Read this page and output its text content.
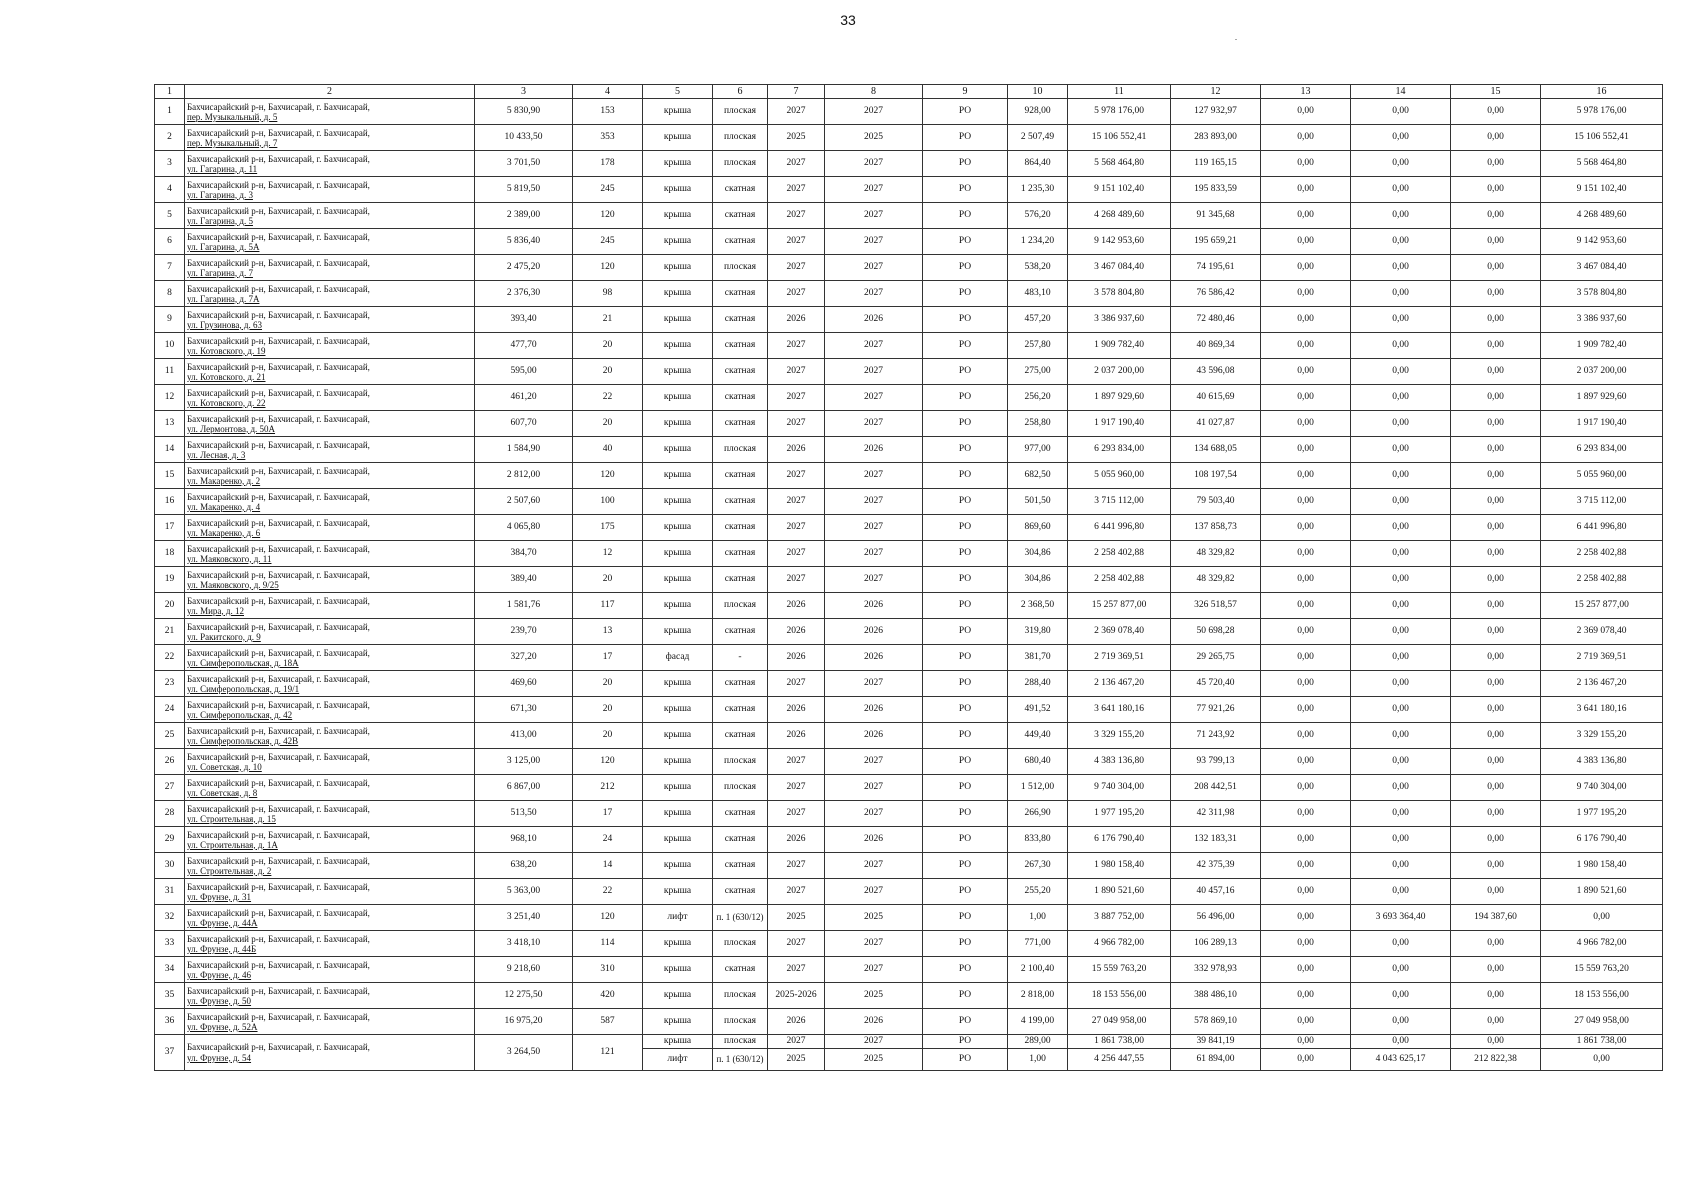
33
.
1	2	3	4	5	6	7	8	9	10	11	12	13	14	15	16
1	Бахчисарайский р-н, Бахчисарай, г. Бахчисарай,
пер. Музыкальный, д. 5	5 830,90	153	крыша	плоская	2027	2027	РО	928,00	5 978 176,00	127 932,97	0,00	0,00	0,00	5 978 176,00
2	Бахчисарайский р-н, Бахчисарай, г. Бахчисарай,
пер. Музыкальный, д. 7	10 433,50	353	крыша	плоская	2025	2025	РО	2 507,49	15 106 552,41	283 893,00	0,00	0,00	0,00	15 106 552,41
3	Бахчисарайский р-н, Бахчисарай, г. Бахчисарай,
ул. Гагарина, д. 11	3 701,50	178	крыша	плоская	2027	2027	РО	864,40	5 568 464,80	119 165,15	0,00	0,00	0,00	5 568 464,80
4	Бахчисарайский р-н, Бахчисарай, г. Бахчисарай,
ул. Гагарина, д. 3	5 819,50	245	крыша	скатная	2027	2027	РО	1 235,30	9 151 102,40	195 833,59	0,00	0,00	0,00	9 151 102,40
5	Бахчисарайский р-н, Бахчисарай, г. Бахчисарай,
ул. Гагарина, д. 5	2 389,00	120	крыша	скатная	2027	2027	РО	576,20	4 268 489,60	91 345,68	0,00	0,00	0,00	4 268 489,60
6	Бахчисарайский р-н, Бахчисарай, г. Бахчисарай,
ул. Гагарина, д. 5А	5 836,40	245	крыша	скатная	2027	2027	РО	1 234,20	9 142 953,60	195 659,21	0,00	0,00	0,00	9 142 953,60
7	Бахчисарайский р-н, Бахчисарай, г. Бахчисарай,
ул. Гагарина, д. 7	2 475,20	120	крыша	плоская	2027	2027	РО	538,20	3 467 084,40	74 195,61	0,00	0,00	0,00	3 467 084,40
8	Бахчисарайский р-н, Бахчисарай, г. Бахчисарай,
ул. Гагарина, д. 7А	2 376,30	98	крыша	скатная	2027	2027	РО	483,10	3 578 804,80	76 586,42	0,00	0,00	0,00	3 578 804,80
9	Бахчисарайский р-н, Бахчисарай, г. Бахчисарай,
ул. Грузинова, д. 63	393,40	21	крыша	скатная	2026	2026	РО	457,20	3 386 937,60	72 480,46	0,00	0,00	0,00	3 386 937,60
10	Бахчисарайский р-н, Бахчисарай, г. Бахчисарай,
ул. Котовского, д. 19	477,70	20	крыша	скатная	2027	2027	РО	257,80	1 909 782,40	40 869,34	0,00	0,00	0,00	1 909 782,40
11	Бахчисарайский р-н, Бахчисарай, г. Бахчисарай,
ул. Котовского, д. 21	595,00	20	крыша	скатная	2027	2027	РО	275,00	2 037 200,00	43 596,08	0,00	0,00	0,00	2 037 200,00
12	Бахчисарайский р-н, Бахчисарай, г. Бахчисарай,
ул. Котовского, д. 22	461,20	22	крыша	скатная	2027	2027	РО	256,20	1 897 929,60	40 615,69	0,00	0,00	0,00	1 897 929,60
13	Бахчисарайский р-н, Бахчисарай, г. Бахчисарай,
ул. Лермонтова, д. 50А	607,70	20	крыша	скатная	2027	2027	РО	258,80	1 917 190,40	41 027,87	0,00	0,00	0,00	1 917 190,40
14	Бахчисарайский р-н, Бахчисарай, г. Бахчисарай,
ул. Лесная, д. 3	1 584,90	40	крыша	плоская	2026	2026	РО	977,00	6 293 834,00	134 688,05	0,00	0,00	0,00	6 293 834,00
15	Бахчисарайский р-н, Бахчисарай, г. Бахчисарай,
ул. Макаренко, д. 2	2 812,00	120	крыша	скатная	2027	2027	РО	682,50	5 055 960,00	108 197,54	0,00	0,00	0,00	5 055 960,00
16	Бахчисарайский р-н, Бахчисарай, г. Бахчисарай,
ул. Макаренко, д. 4	2 507,60	100	крыша	скатная	2027	2027	РО	501,50	3 715 112,00	79 503,40	0,00	0,00	0,00	3 715 112,00
17	Бахчисарайский р-н, Бахчисарай, г. Бахчисарай,
ул. Макаренко, д. 6	4 065,80	175	крыша	скатная	2027	2027	РО	869,60	6 441 996,80	137 858,73	0,00	0,00	0,00	6 441 996,80
18	Бахчисарайский р-н, Бахчисарай, г. Бахчисарай,
ул. Маяковского, д. 11	384,70	12	крыша	скатная	2027	2027	РО	304,86	2 258 402,88	48 329,82	0,00	0,00	0,00	2 258 402,88
19	Бахчисарайский р-н, Бахчисарай, г. Бахчисарай,
ул. Маяковского, д. 9/25	389,40	20	крыша	скатная	2027	2027	РО	304,86	2 258 402,88	48 329,82	0,00	0,00	0,00	2 258 402,88
20	Бахчисарайский р-н, Бахчисарай, г. Бахчисарай,
ул. Мира, д. 12	1 581,76	117	крыша	плоская	2026	2026	РО	2 368,50	15 257 877,00	326 518,57	0,00	0,00	0,00	15 257 877,00
21	Бахчисарайский р-н, Бахчисарай, г. Бахчисарай,
ул. Ракитского, д. 9	239,70	13	крыша	скатная	2026	2026	РО	319,80	2 369 078,40	50 698,28	0,00	0,00	0,00	2 369 078,40
22	Бахчисарайский р-н, Бахчисарай, г. Бахчисарай,
ул. Симферопольская, д. 18А	327,20	17	фасад	-	2026	2026	РО	381,70	2 719 369,51	29 265,75	0,00	0,00	0,00	2 719 369,51
23	Бахчисарайский р-н, Бахчисарай, г. Бахчисарай,
ул. Симферопольская, д. 19/1	469,60	20	крыша	скатная	2027	2027	РО	288,40	2 136 467,20	45 720,40	0,00	0,00	0,00	2 136 467,20
24	Бахчисарайский р-н, Бахчисарай, г. Бахчисарай,
ул. Симферопольская, д. 42	671,30	20	крыша	скатная	2026	2026	РО	491,52	3 641 180,16	77 921,26	0,00	0,00	0,00	3 641 180,16
25	Бахчисарайский р-н, Бахчисарай, г. Бахчисарай,
ул. Симферопольская, д. 42В	413,00	20	крыша	скатная	2026	2026	РО	449,40	3 329 155,20	71 243,92	0,00	0,00	0,00	3 329 155,20
26	Бахчисарайский р-н, Бахчисарай, г. Бахчисарай,
ул. Советская, д. 10	3 125,00	120	крыша	плоская	2027	2027	РО	680,40	4 383 136,80	93 799,13	0,00	0,00	0,00	4 383 136,80
27	Бахчисарайский р-н, Бахчисарай, г. Бахчисарай,
ул. Советская, д. 8	6 867,00	212	крыша	плоская	2027	2027	РО	1 512,00	9 740 304,00	208 442,51	0,00	0,00	0,00	9 740 304,00
28	Бахчисарайский р-н, Бахчисарай, г. Бахчисарай,
ул. Строительная, д. 15	513,50	17	крыша	скатная	2027	2027	РО	266,90	1 977 195,20	42 311,98	0,00	0,00	0,00	1 977 195,20
29	Бахчисарайский р-н, Бахчисарай, г. Бахчисарай,
ул. Строительная, д. 1А	968,10	24	крыша	скатная	2026	2026	РО	833,80	6 176 790,40	132 183,31	0,00	0,00	0,00	6 176 790,40
30	Бахчисарайский р-н, Бахчисарай, г. Бахчисарай,
ул. Строительная, д. 2	638,20	14	крыша	скатная	2027	2027	РО	267,30	1 980 158,40	42 375,39	0,00	0,00	0,00	1 980 158,40
31	Бахчисарайский р-н, Бахчисарай, г. Бахчисарай,
ул. Фрунзе, д. 31	5 363,00	22	крыша	скатная	2027	2027	РО	255,20	1 890 521,60	40 457,16	0,00	0,00	0,00	1 890 521,60
32	Бахчисарайский р-н, Бахчисарай, г. Бахчисарай,
ул. Фрунзе, д. 44А	3 251,40	120	лифт	п. 1 (630/12)	2025	2025	РО	1,00	3 887 752,00	56 496,00	0,00	3 693 364,40	194 387,60	0,00
33	Бахчисарайский р-н, Бахчисарай, г. Бахчисарай,
ул. Фрунзе, д. 44Б	3 418,10	114	крыша	плоская	2027	2027	РО	771,00	4 966 782,00	106 289,13	0,00	0,00	0,00	4 966 782,00
34	Бахчисарайский р-н, Бахчисарай, г. Бахчисарай,
ул. Фрунзе, д. 46	9 218,60	310	крыша	скатная	2027	2027	РО	2 100,40	15 559 763,20	332 978,93	0,00	0,00	0,00	15 559 763,20
35	Бахчисарайский р-н, Бахчисарай, г. Бахчисарай,
ул. Фрунзе, д. 50	12 275,50	420	крыша	плоская	2025-2026	2025	РО	2 818,00	18 153 556,00	388 486,10	0,00	0,00	0,00	18 153 556,00
36	Бахчисарайский р-н, Бахчисарай, г. Бахчисарай,
ул. Фрунзе, д. 52А	16 975,20	587	крыша	плоская	2026	2026	РО	4 199,00	27 049 958,00	578 869,10	0,00	0,00	0,00	27 049 958,00
37	Бахчисарайский р-н, Бахчисарай, г. Бахчисарай,
ул. Фрунзе, д. 54	3 264,50	121	крыша	плоская	2027	2027	РО	289,00	1 861 738,00	39 841,19	0,00	0,00	0,00	1 861 738,00
				лифт	п. 1 (630/12)	2025	2025	РО	1,00	4 256 447,55	61 894,00	0,00	4 043 625,17	212 822,38	0,00
